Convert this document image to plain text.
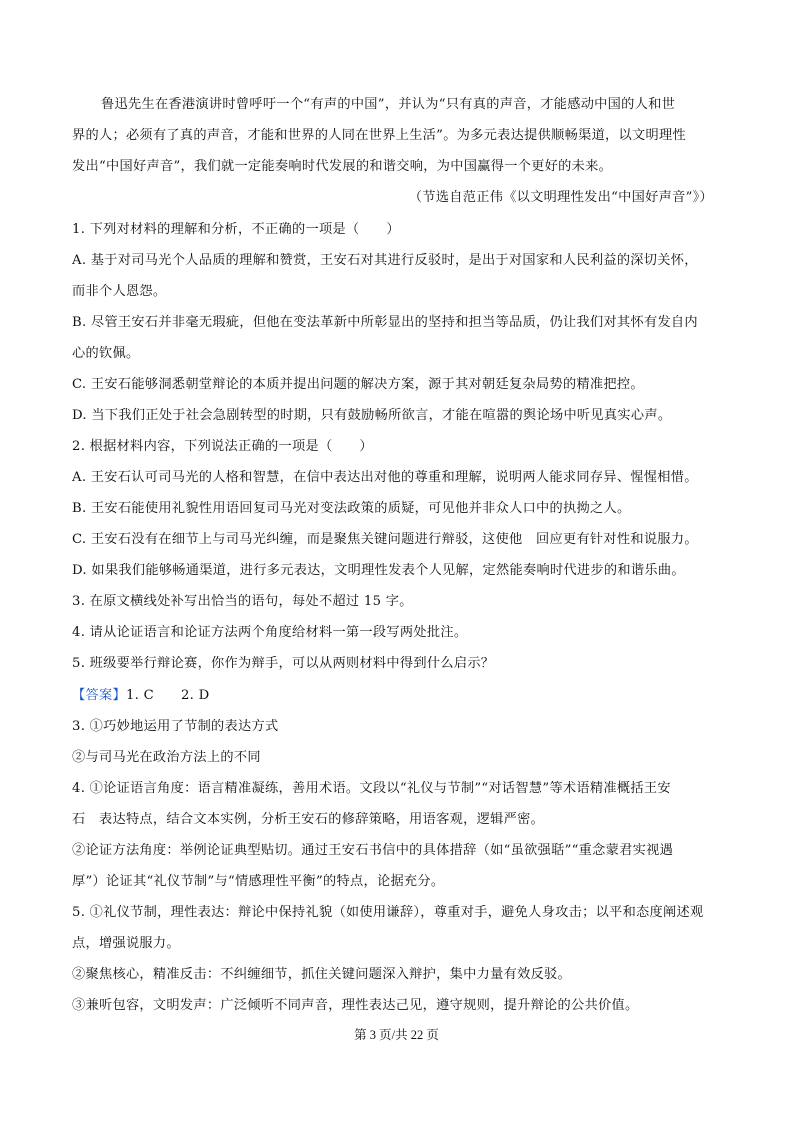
鲁迅先生在香港演讲时曾呼吁一个“有声的中国”，并认为“只有真的声音，才能感动中国的人和世
界的人；必须有了真的声音，才能和世界的人同在世界上生活”。为多元表达提供顺畅渠道，以文明理性
发出“中国好声音”，我们就一定能奏响时代发展的和谐交响，为中国赢得一个更好的未来。
（节选自范正伟《以文明理性发出“中国好声音”》）
1. 下列对材料的理解和分析，不正确的一项是（　　）
A. 基于对司马光个人品质的理解和赞赏，王安石对其进行反驳时，是出于对国家和人民利益的深切关怀，
而非个人恩怨。
B. 尽管王安石并非毫无瑕疵，但他在变法革新中所彰显出的坚持和担当等品质，仍让我们对其怀有发自内
心的钦佩。
C. 王安石能够洞悉朝堂辩论的本质并提出问题的解决方案，源于其对朝廷复杂局势的精准把控。
D. 当下我们正处于社会急剧转型的时期，只有鼓励畅所欲言，才能在喧嚣的舆论场中听见真实心声。
2. 根据材料内容，下列说法正确的一项是（　　）
A. 王安石认可司马光的人格和智慧，在信中表达出对他的尊重和理解，说明两人能求同存异、惺惺相惜。
B. 王安石能使用礼貌性用语回复司马光对变法政策的质疑，可见他并非众人口中的执拗之人。
C. 王安石没有在细节上与司马光纠缠，而是聚焦关键问题进行辩驳，这使他　回应更有针对性和说服力。
D. 如果我们能够畅通渠道，进行多元表达，文明理性发表个人见解，定然能奏响时代进步的和谐乐曲。
3. 在原文横线处补写出恰当的语句，每处不超过 15 字。
4. 请从论证语言和论证方法两个角度给材料一第一段写两处批注。
5. 班级要举行辩论赛，你作为辩手，可以从两则材料中得到什么启示？
【答案】1. C　　2. D
3. ①巧妙地运用了节制的表达方式
②与司马光在政治方法上的不同
4. ①论证语言角度：语言精准凝练，善用术语。文段以“礼仪与节制”“对话智慧”等术语精准概括王安
石　表达特点，结合文本实例，分析王安石的修辞策略，用语客观，逻辑严密。
②论证方法角度：举例论证典型贴切。通过王安石书信中的具体措辞（如“虽欲强聒”“重念蒙君实视遇
厚”）论证其“礼仪节制”与“情感理性平衡”的特点，论据充分。
5. ①礼仪节制，理性表达：辩论中保持礼貌（如使用谦辞），尊重对手，避免人身攻击；以平和态度阐述观
点，增强说服力。
②聚焦核心，精准反击：不纠缠细节，抓住关键问题深入辩护，集中力量有效反驳。
③兼听包容，文明发声：广泛倾听不同声音，理性表达己见，遵守规则，提升辩论的公共价值。
第 3 页/共 22 页
